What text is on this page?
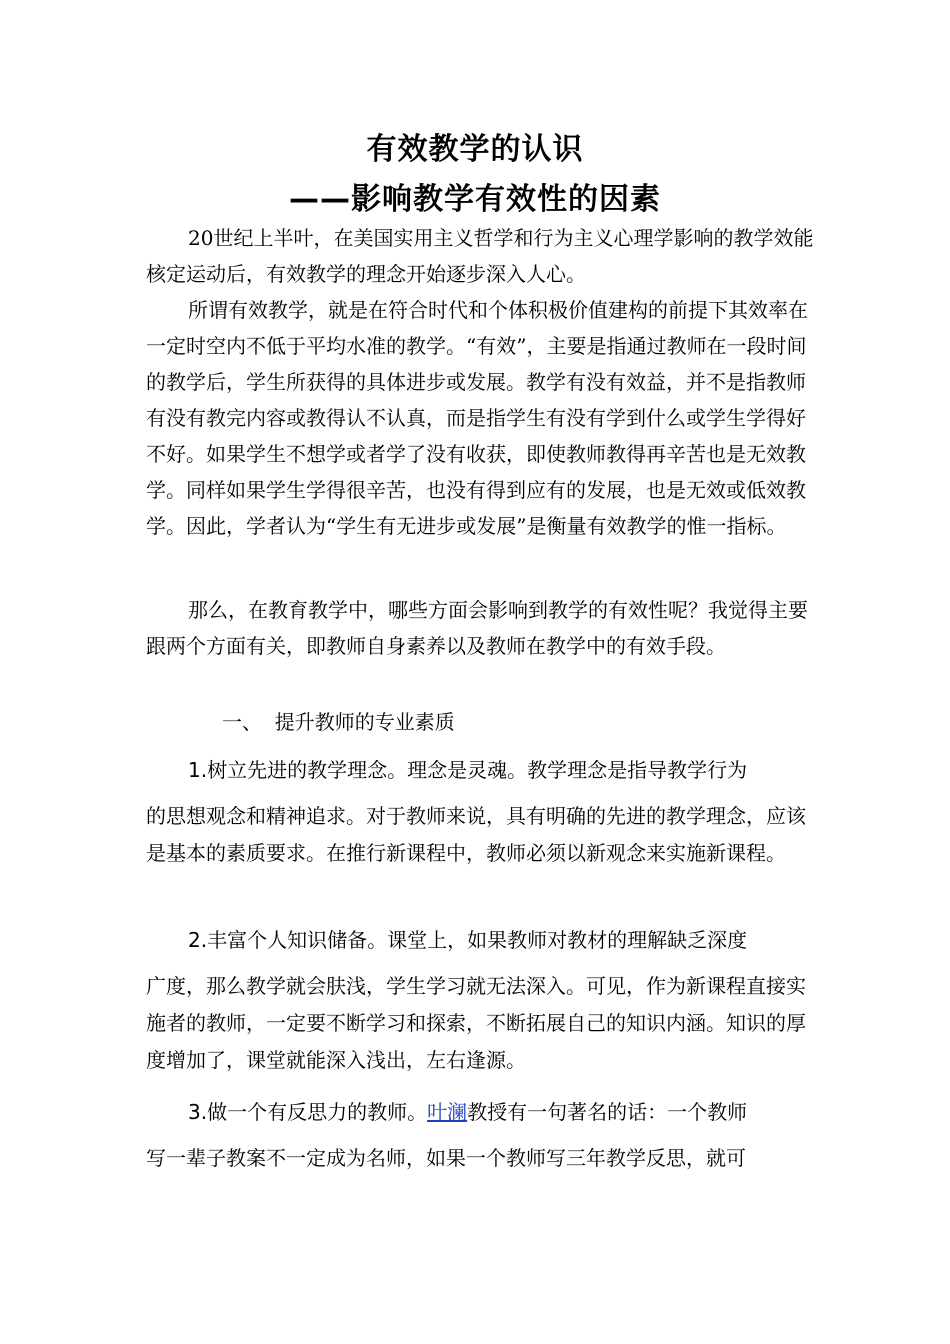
有效教学的认识
——影响教学有效性的因素

20世纪上半叶，在美国实用主义哲学和行为主义心理学影响的教学效能核定运动后，有效教学的理念开始逐步深入人心。

所谓有效教学，就是在符合时代和个体积极价值建构的前提下其效率在一定时空内不低于平均水准的教学。“有效”，主要是指通过教师在一段时间的教学后，学生所获得的具体进步或发展。教学有没有效益，并不是指教师有没有教完内容或教得认不认真，而是指学生有没有学到什么或学生学得好不好。如果学生不想学或者学了没有收获，即使教师教得再辛苦也是无效教学。同样如果学生学得很辛苦，也没有得到应有的发展，也是无效或低效教学。因此，学者认为“学生有无进步或发展”是衡量有效教学的惟一指标。

那么，在教育教学中，哪些方面会影响到教学的有效性呢？我觉得主要跟两个方面有关，即教师自身素养以及教师在教学中的有效手段。

一、  提升教师的专业素质

1.树立先进的教学理念。理念是灵魂。教学理念是指导教学行为

的思想观念和精神追求。对于教师来说，具有明确的先进的教学理念，应该是基本的素质要求。在推行新课程中，教师必须以新观念来实施新课程。

2.丰富个人知识储备。课堂上，如果教师对教材的理解缺乏深度

广度，那么教学就会肤浅，学生学习就无法深入。可见，作为新课程直接实施者的教师，一定要不断学习和探索，不断拓展自己的知识内涵。知识的厚度增加了，课堂就能深入浅出，左右逢源。

3.做一个有反思力的教师。叶澜教授有一句著名的话：一个教师

写一辈子教案不一定成为名师，如果一个教师写三年教学反思，就可
